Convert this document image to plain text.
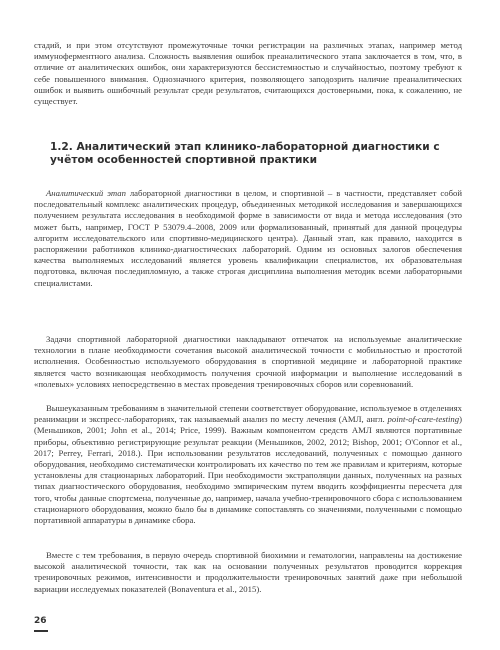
стадий, и при этом отсутствуют промежуточные точки регистрации на различных этапах, например метод иммуноферментного анализа. Сложность выявления ошибок преаналитического этапа заключается в том, что, в отличие от аналитических ошибок, они характеризуются бессистемностью и случайностью, поэтому требуют к себе повышенного внимания. Однозначного критерия, позволяющего заподозрить наличие преаналитических ошибок и выявить ошибочный результат среди результатов, считающихся достоверными, пока, к сожалению, не существует.

1.2. Аналитический этап клинико-лабораторной диагностики с учётом особенностей спортивной практики

Аналитический этап лабораторной диагностики в целом, и спортивной – в частности, представляет собой последовательный комплекс аналитических процедур, объединенных методикой исследования и завершающихся получением результата исследования в необходимой форме в зависимости от вида и метода исследования (это может быть, например, ГОСТ Р 53079.4–2008, 2009 или формализованный, принятый для данной процедуры алгоритм исследовательского или спортивно-медицинского центра). Данный этап, как правило, находится в распоряжении работников клинико-диагностических лабораторий. Одним из основных залогов обеспечения качества выполняемых исследований является уровень квалификации специалистов, их образовательная подготовка, включая последипломную, а также строгая дисциплина выполнения методик всеми лабораторными специалистами.

Задачи спортивной лабораторной диагностики накладывают отпечаток на используемые аналитические технологии в плане необходимости сочетания высокой аналитической точности с мобильностью и простотой исполнения. Особенностью используемого оборудования в спортивной медицине и лабораторной практике является часто возникающая необходимость получения срочной информации и выполнение исследований в «полевых» условиях непосредственно в местах проведения тренировочных сборов или соревнований.

Вышеуказанным требованиям в значительной степени соответствует оборудование, используемое в отделениях реанимации и экспресс-лабораториях, так называемый анализ по месту лечения (АМЛ, англ. point-of-care-testing) (Меньшиков, 2001; John et al., 2014; Price, 1999). Важным компонентом средств АМЛ являются портативные приборы, объективно регистрирующие результат реакции (Меньшиков, 2002, 2012; Bishop, 2001; O'Connor et al., 2017; Perrey, Ferrari, 2018.). При использовании результатов исследований, полученных с помощью данного оборудования, необходимо систематически контролировать их качество по тем же правилам и критериям, которые установлены для стационарных лабораторий. При необходимости экстраполяции данных, полученных на разных типах диагностического оборудования, необходимо эмпирическим путем вводить коэффициенты пересчета для того, чтобы данные спортсмена, полученные до, например, начала учебно-тренировочного сбора с использованием стационарного оборудования, можно было бы в динамике сопоставлять со значениями, полученными с помощью портативной аппаратуры в динамике сбора.

Вместе с тем требования, в первую очередь спортивной биохимии и гематологии, направлены на достижение высокой аналитической точности, так как на основании полученных результатов проводится коррекция тренировочных режимов, интенсивности и продолжительности тренировочных занятий даже при небольшой вариации исследуемых показателей (Bonaventura et al., 2015).

26
